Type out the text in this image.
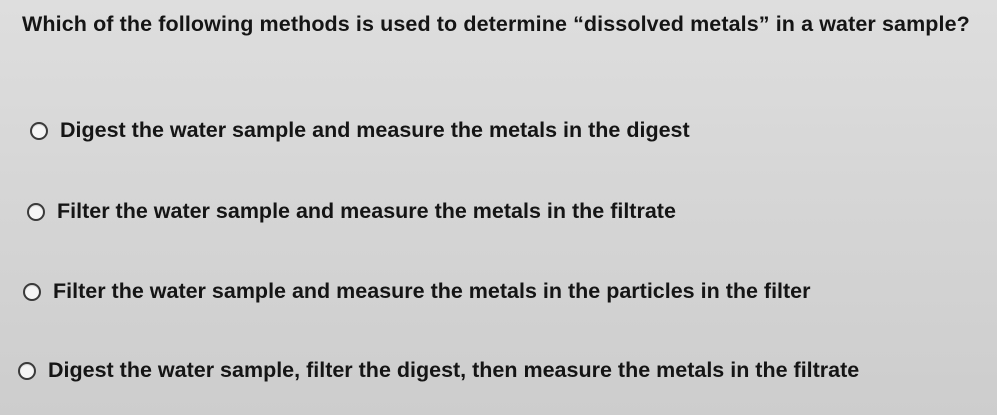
Which of the following methods is used to determine “dissolved metals” in a water sample?
Digest the water sample and measure the metals in the digest
Filter the water sample and measure the metals in the filtrate
Filter the water sample and measure the metals in the particles in the filter
Digest the water sample, filter the digest, then measure the metals in the filtrate
